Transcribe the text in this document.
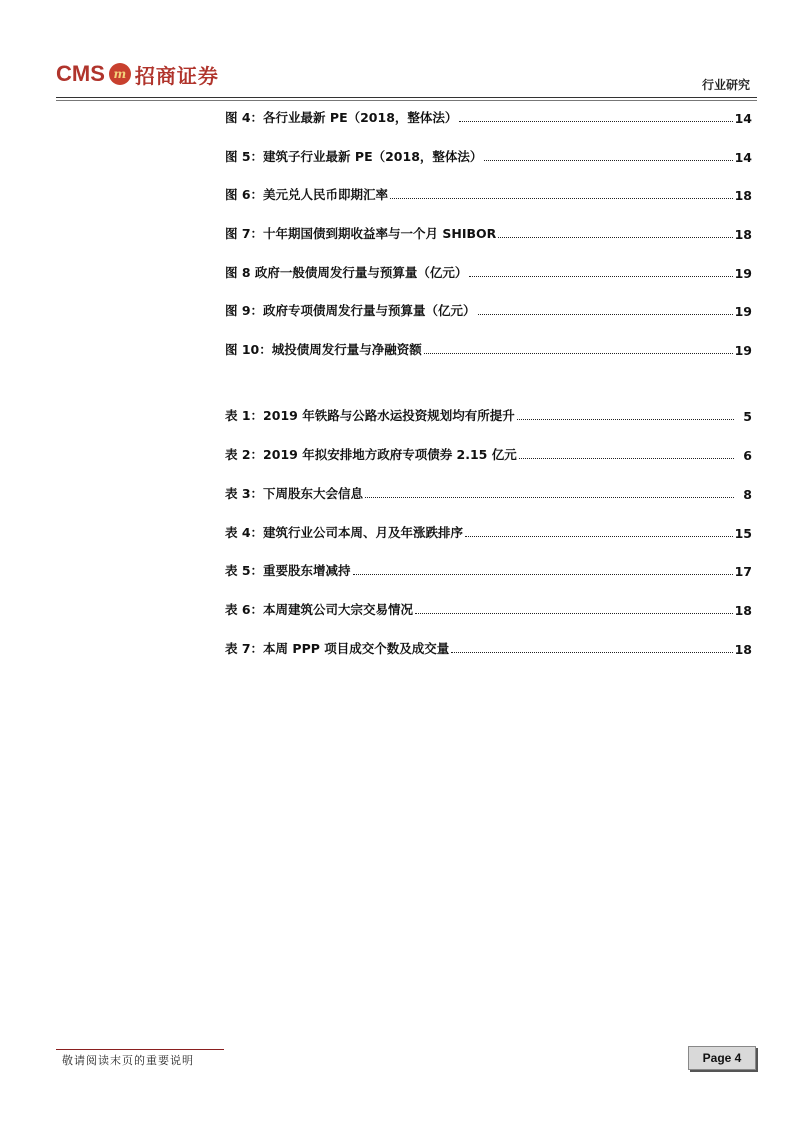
CMS m 招商证券	行业研究
图 4：各行业最新 PE（2018，整体法）	14
图 5：建筑子行业最新 PE（2018，整体法）	14
图 6：美元兑人民币即期汇率	18
图 7：十年期国债到期收益率与一个月 SHIBOR	18
图 8 政府一般债周发行量与预算量（亿元）	19
图 9：政府专项债周发行量与预算量（亿元）	19
图 10：城投债周发行量与净融资额	19
表 1：2019 年铁路与公路水运投资规划均有所提升	5
表 2：2019 年拟安排地方政府专项债券 2.15 亿元	6
表 3：下周股东大会信息	8
表 4：建筑行业公司本周、月及年涨跌排序	15
表 5：重要股东增减持	17
表 6：本周建筑公司大宗交易情况	18
表 7：本周 PPP 项目成交个数及成交量	18
敬请阅读末页的重要说明	Page 4
